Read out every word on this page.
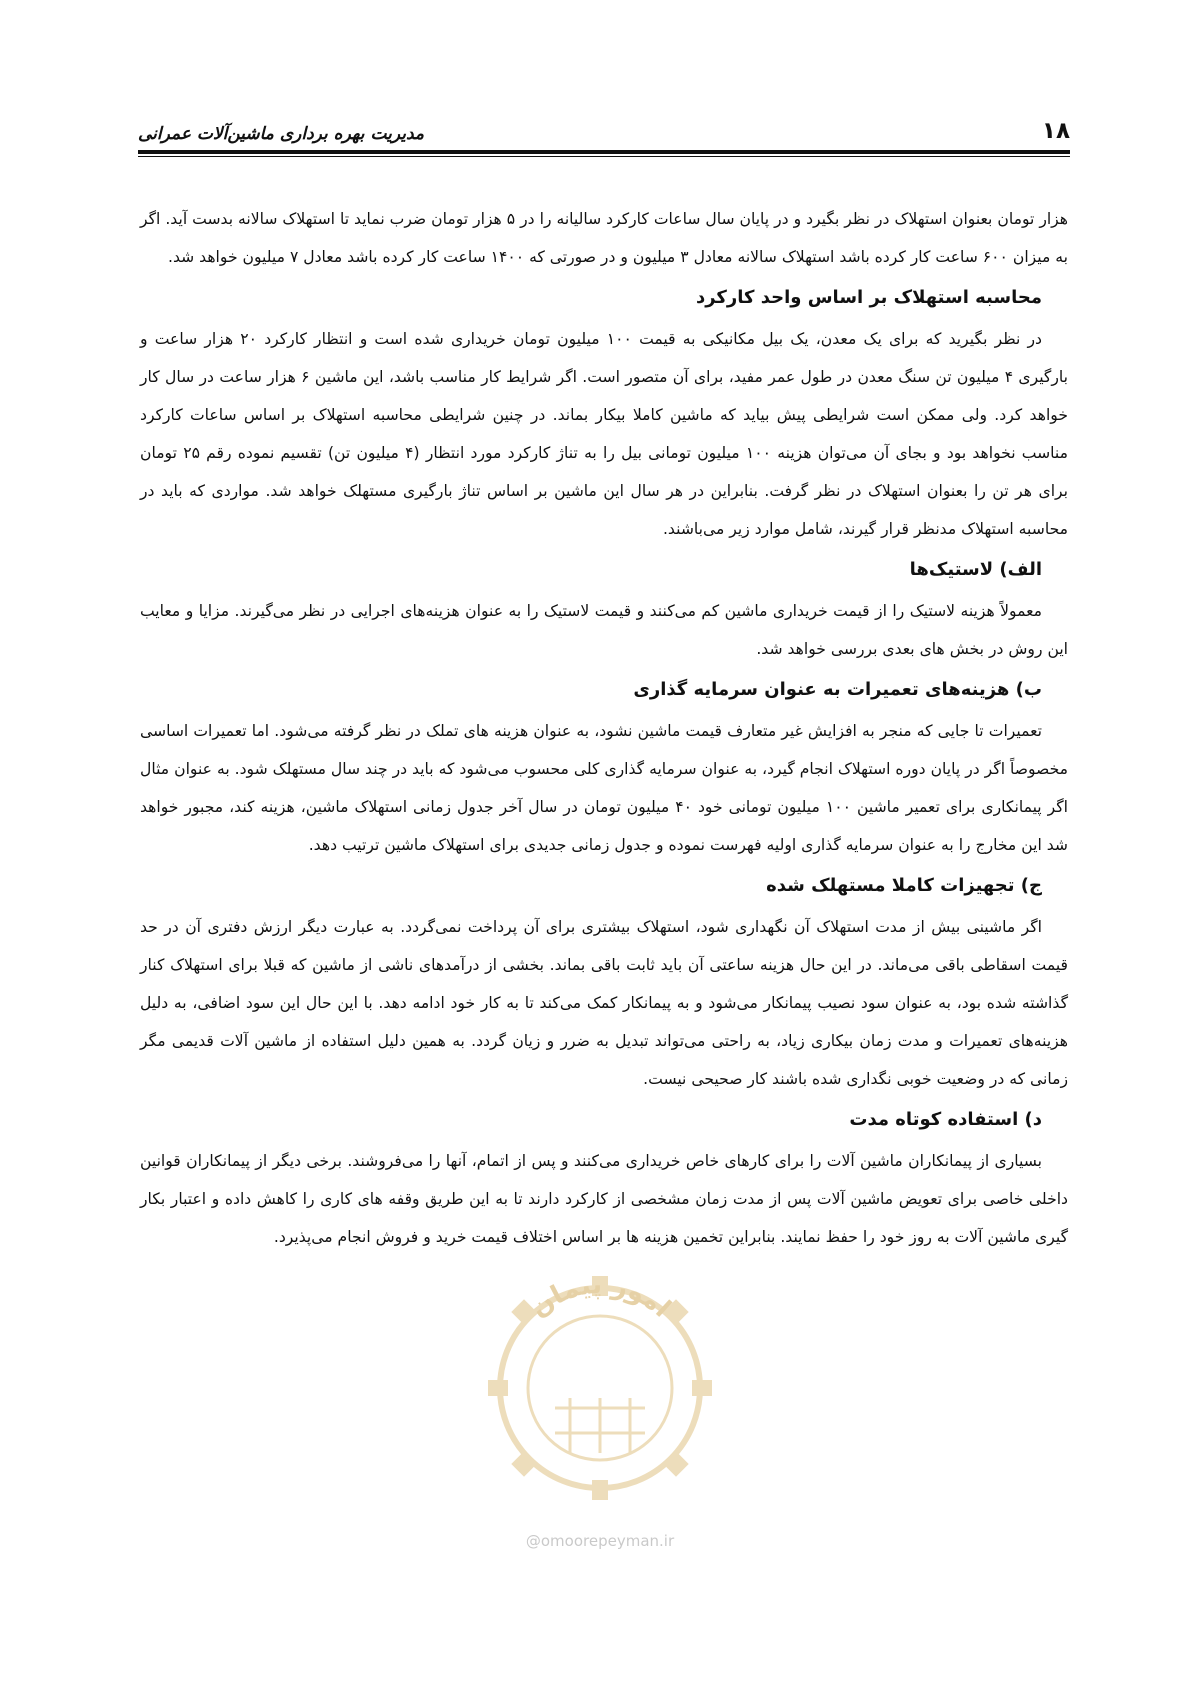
۱۸
مدیریت بهره برداری ماشین‌آلات عمرانی

هزار تومان بعنوان استهلاک در نظر بگیرد و در پایان سال ساعات کارکرد سالیانه را در ۵ هزار تومان ضرب نماید تا استهلاک سالانه بدست آید. اگر به میزان ۶۰۰ ساعت کار کرده باشد استهلاک سالانه معادل ۳ میلیون و در صورتی که ۱۴۰۰ ساعت کار کرده باشد معادل ۷ میلیون خواهد شد.

محاسبه استهلاک بر اساس واحد کارکرد

در نظر بگیرید که برای یک معدن، یک بیل مکانیکی به قیمت ۱۰۰ میلیون تومان خریداری شده است و انتظار کارکرد ۲۰ هزار ساعت و بارگیری ۴ میلیون تن سنگ معدن در طول عمر مفید، برای آن متصور است. اگر شرایط کار مناسب باشد، این ماشین ۶ هزار ساعت در سال کار خواهد کرد. ولی ممکن است شرایطی پیش بیاید که ماشین کاملا بیکار بماند. در چنین شرایطی محاسبه استهلاک بر اساس ساعات کارکرد مناسب نخواهد بود و بجای آن می‌توان هزینه ۱۰۰ میلیون تومانی بیل را به تناژ کارکرد مورد انتظار (۴ میلیون تن) تقسیم نموده رقم ۲۵ تومان برای هر تن را بعنوان استهلاک در نظر گرفت. بنابراین در هر سال این ماشین بر اساس تناژ بارگیری مستهلک خواهد شد. مواردی که باید در محاسبه استهلاک مدنظر قرار گیرند، شامل موارد زیر می‌باشند.

الف) لاستیک‌ها

معمولاً هزینه لاستیک را از قیمت خریداری ماشین کم می‌کنند و قیمت لاستیک را به عنوان هزینه‌های اجرایی در نظر می‌گیرند. مزایا و معایب این روش در بخش های بعدی بررسی خواهد شد.

ب) هزینه‌های تعمیرات به عنوان سرمایه گذاری

تعمیرات تا جایی که منجر به افزایش غیر متعارف قیمت ماشین نشود، به عنوان هزینه های تملک در نظر گرفته می‌شود. اما تعمیرات اساسی مخصوصاً اگر در پایان دوره استهلاک انجام گیرد، به عنوان سرمایه گذاری کلی محسوب می‌شود که باید در چند سال مستهلک شود. به عنوان مثال اگر پیمانکاری برای تعمیر ماشین ۱۰۰ میلیون تومانی خود ۴۰ میلیون تومان در سال آخر جدول زمانی استهلاک ماشین، هزینه کند، مجبور خواهد شد این مخارج را به عنوان سرمایه گذاری اولیه فهرست نموده و جدول زمانی جدیدی برای استهلاک ماشین ترتیب دهد.

ج) تجهیزات کاملا مستهلک شده

اگر ماشینی بیش از مدت استهلاک آن نگهداری شود، استهلاک بیشتری برای آن پرداخت نمی‌گردد. به عبارت دیگر ارزش دفتری آن در حد قیمت اسقاطی باقی می‌ماند. در این حال هزینه ساعتی آن باید ثابت باقی بماند. بخشی از درآمدهای ناشی از ماشین که قبلا برای استهلاک کنار گذاشته شده بود، به عنوان سود نصیب پیمانکار می‌شود و به پیمانکار کمک می‌کند تا به کار خود ادامه دهد. با این حال این سود اضافی، به دلیل هزینه‌های تعمیرات و مدت زمان بیکاری زیاد، به راحتی می‌تواند تبدیل به ضرر و زیان گردد. به همین دلیل استفاده از ماشین آلات قدیمی مگر زمانی که در وضعیت خوبی نگداری شده باشند کار صحیحی نیست.

د) استفاده کوتاه مدت

بسیاری از پیمانکاران ماشین آلات را برای کارهای خاص خریداری می‌کنند و پس از اتمام، آنها را می‌فروشند. برخی دیگر از پیمانکاران قوانین داخلی خاصی برای تعویض ماشین آلات پس از مدت زمان مشخصی از کارکرد دارند تا به این طریق وقفه های کاری را کاهش داده و اعتبار بکار گیری ماشین آلات به روز خود را حفظ نمایند. بنابراین تخمین هزینه ها بر اساس اختلاف قیمت خرید و فروش انجام می‌پذیرد.

امور پیمان
@omoorepeyman.ir
